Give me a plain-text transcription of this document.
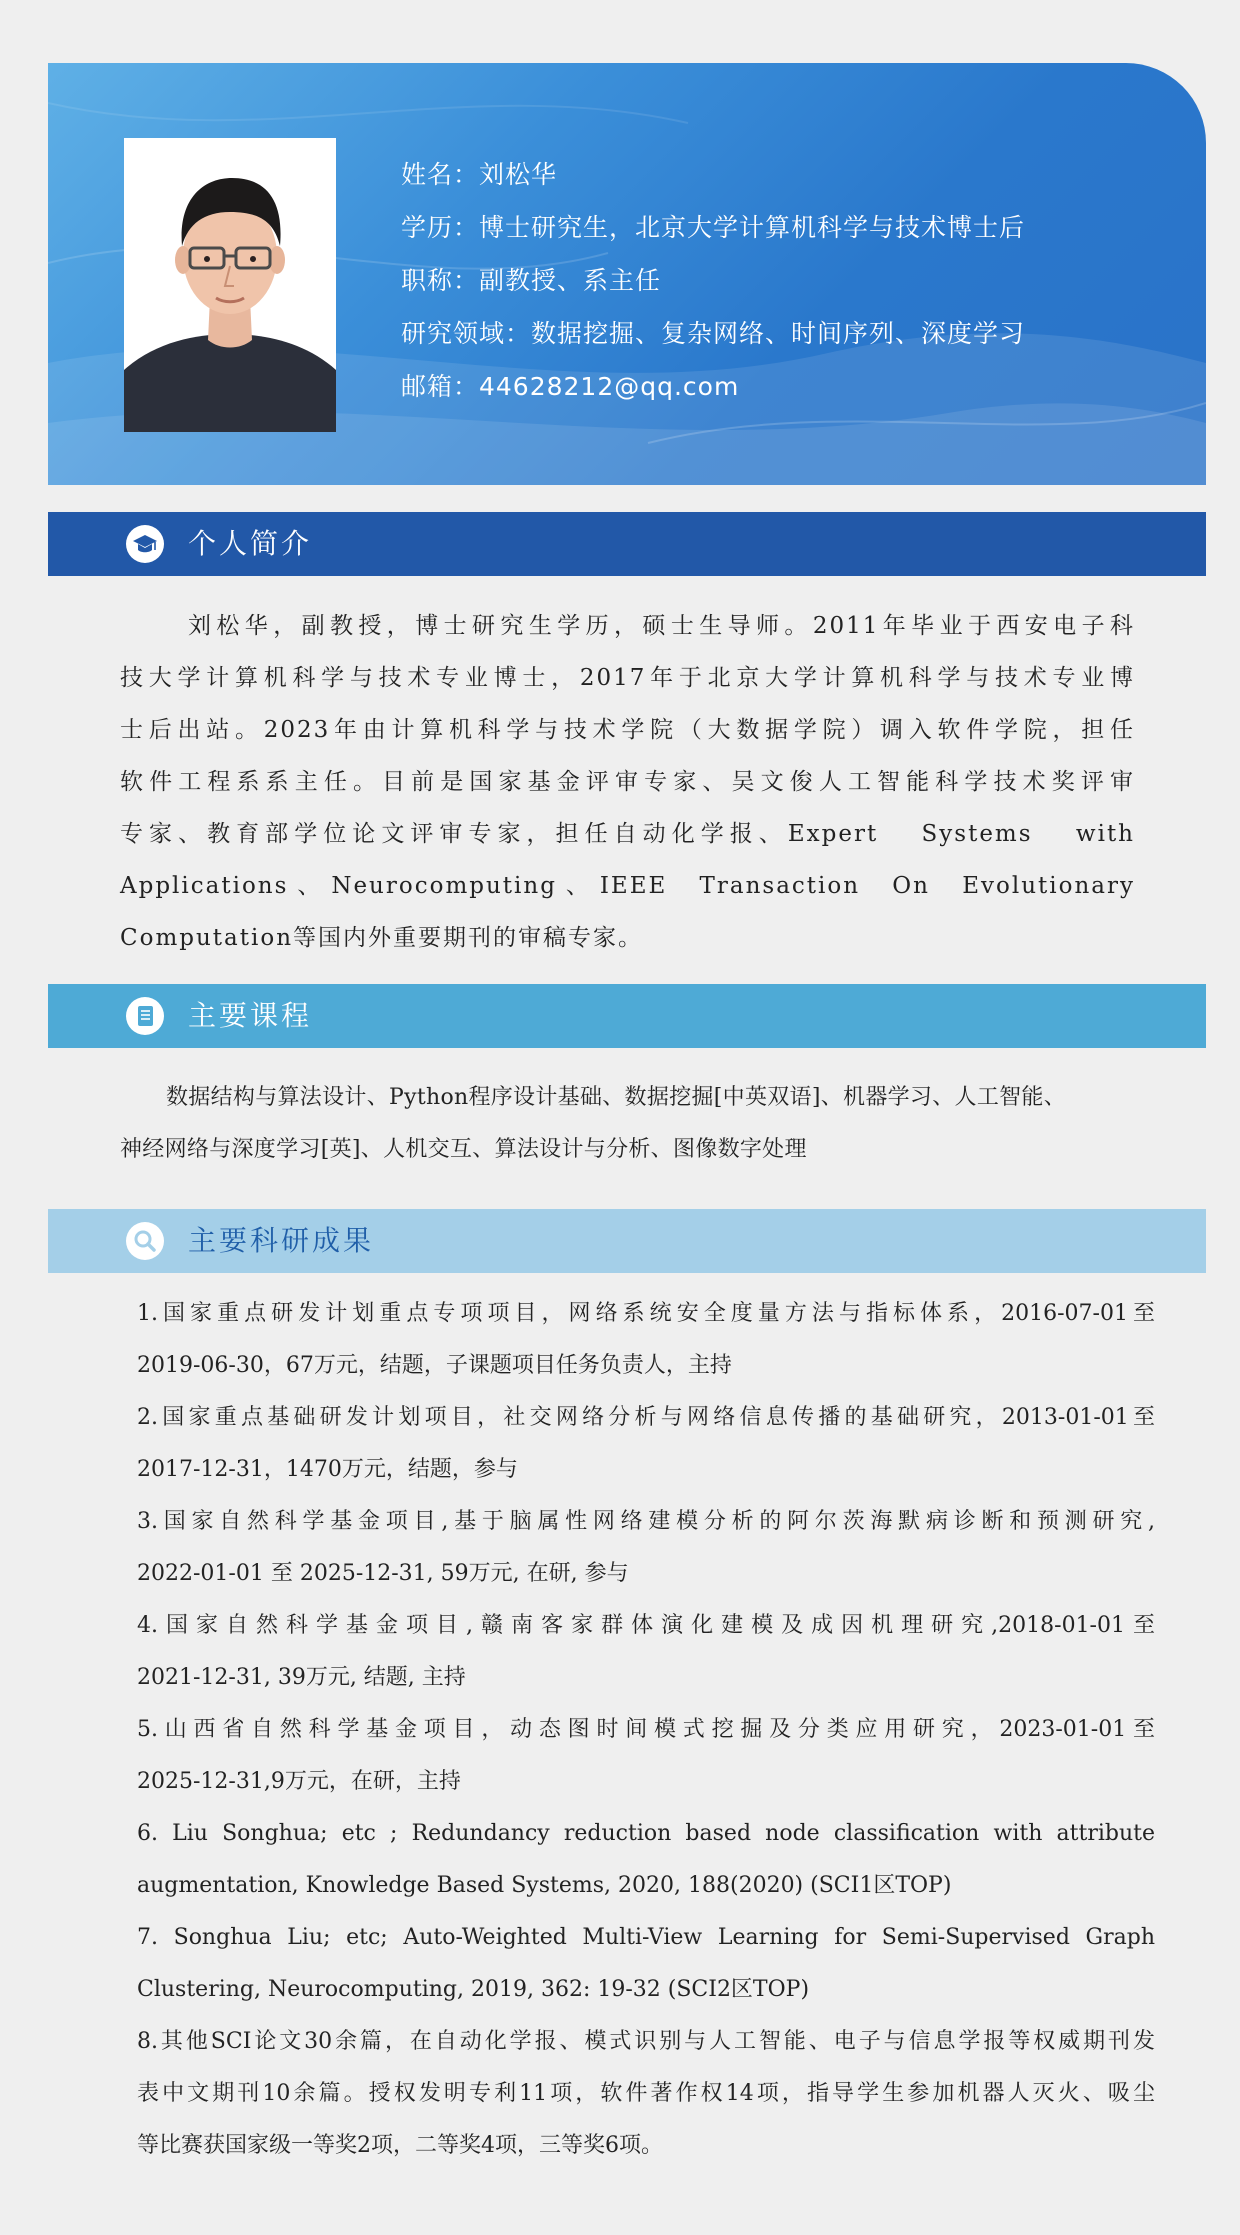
姓名：刘松华
学历：博士研究生，北京大学计算机科学与技术博士后
职称：副教授、系主任
研究领域：数据挖掘、复杂网络、时间序列、深度学习
邮箱：44628212@qq.com
个人简介
刘松华，副教授，博士研究生学历，硕士生导师。2011年毕业于西安电子科
技大学计算机科学与技术专业博士，2017年于北京大学计算机科学与技术专业博
士后出站。2023年由计算机科学与技术学院（大数据学院）调入软件学院，担任
软件工程系系主任。目前是国家基金评审专家、吴文俊人工智能科学技术奖评审
专家、教育部学位论文评审专家，担任自动化学报、Expert Systems with
Applications、Neurocomputing、IEEE Transaction On Evolutionary
Computation等国内外重要期刊的审稿专家。
主要课程
数据结构与算法设计、Python程序设计基础、数据挖掘[中英双语]、机器学习、人工智能、
神经网络与深度学习[英]、人机交互、算法设计与分析、图像数字处理
主要科研成果
1.国家重点研发计划重点专项项目，网络系统安全度量方法与指标体系，2016-07-01至
2019-06-30，67万元，结题，子课题项目任务负责人，主持
2.国家重点基础研发计划项目，社交网络分析与网络信息传播的基础研究，2013-01-01至
2017-12-31，1470万元，结题，参与
3.国家自然科学基金项目,基于脑属性网络建模分析的阿尔茨海默病诊断和预测研究,
2022-01-01 至 2025-12-31, 59万元, 在研, 参与
4.国家自然科学基金项目,赣南客家群体演化建模及成因机理研究,2018-01-01至
2021-12-31, 39万元, 结题, 主持
5.山西省自然科学基金项目，动态图时间模式挖掘及分类应用研究，2023-01-01至
2025-12-31,9万元，在研，主持
6. Liu Songhua; etc ; Redundancy reduction based node classification with attribute
augmentation, Knowledge Based Systems, 2020, 188(2020) (SCI1区TOP)
7. Songhua Liu; etc; Auto-Weighted Multi-View Learning for Semi-Supervised Graph
Clustering, Neurocomputing, 2019, 362: 19-32 (SCI2区TOP)
8.其他SCI论文30余篇，在自动化学报、模式识别与人工智能、电子与信息学报等权威期刊发
表中文期刊10余篇。授权发明专利11项，软件著作权14项，指导学生参加机器人灭火、吸尘
等比赛获国家级一等奖2项，二等奖4项，三等奖6项。
